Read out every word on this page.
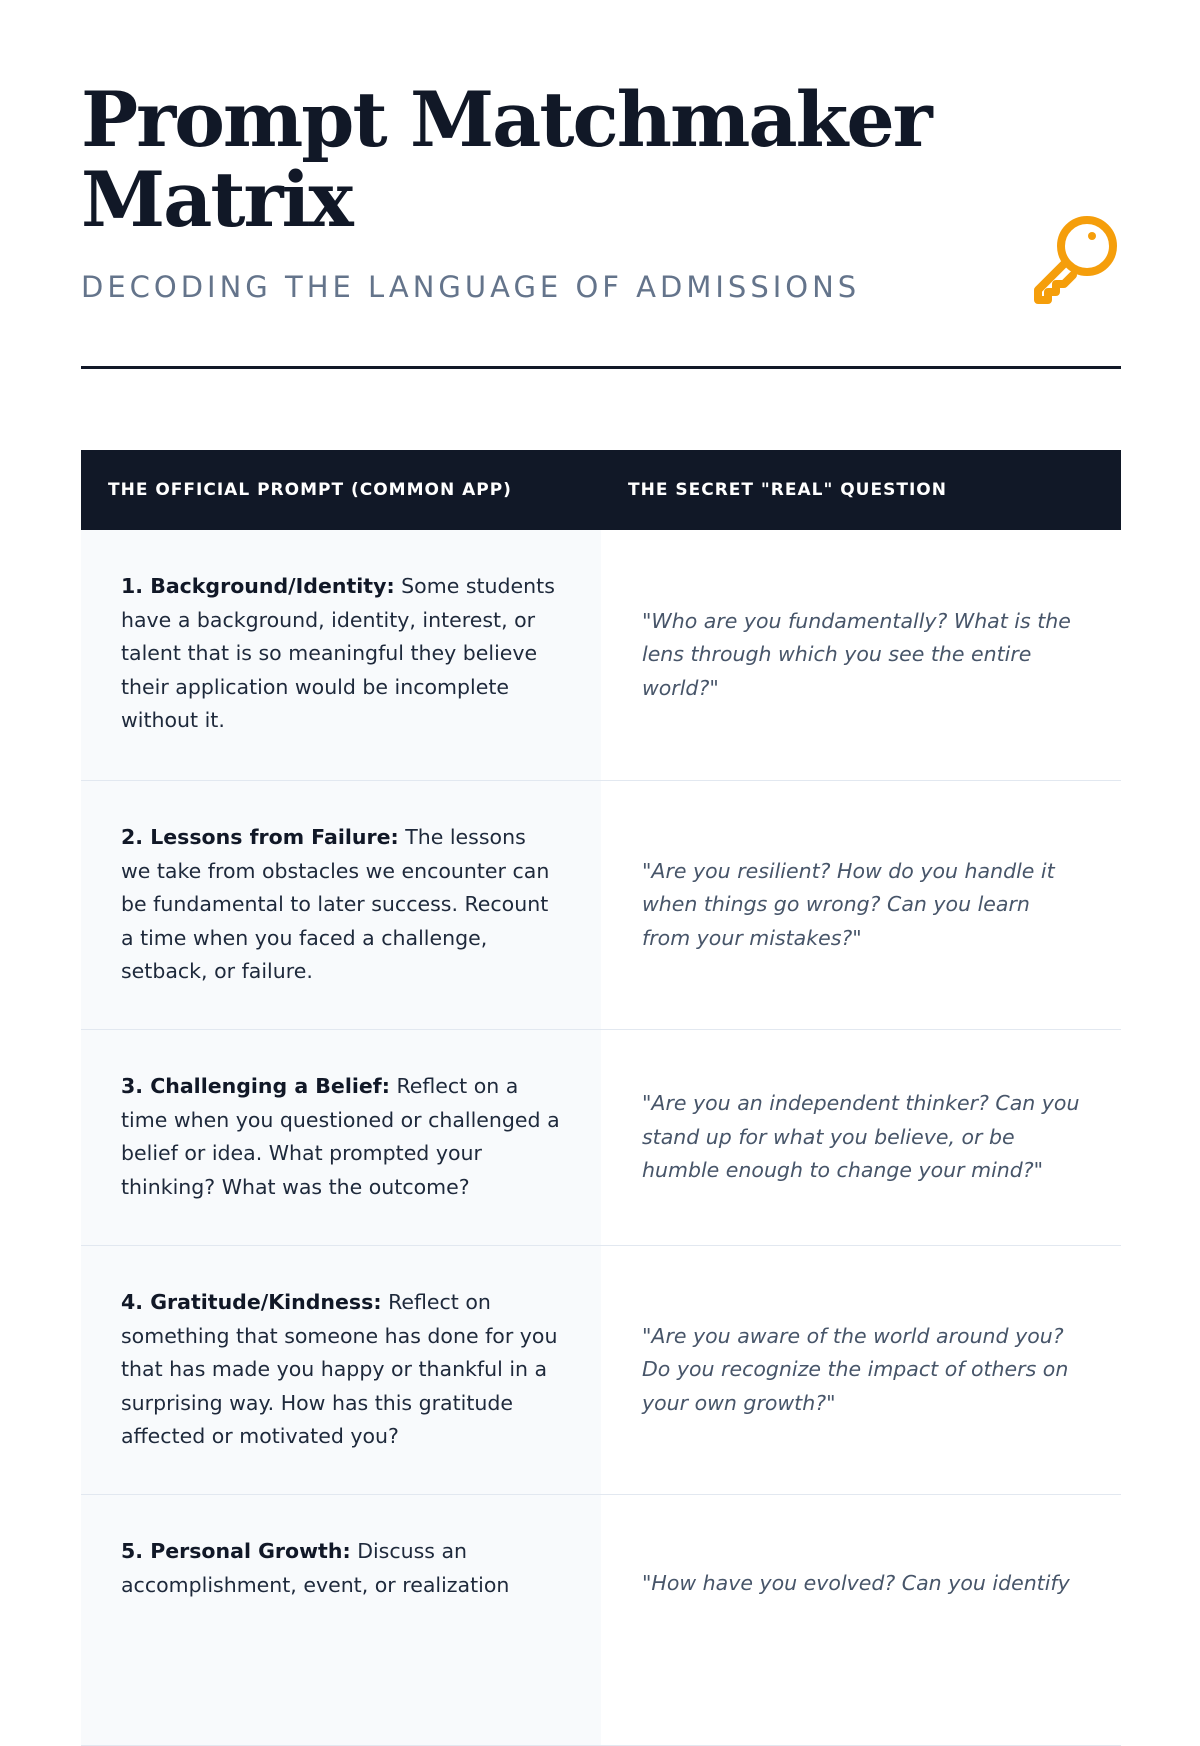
Prompt Matchmaker Matrix
DECODING THE LANGUAGE OF ADMISSIONS
THE OFFICIAL PROMPT (COMMON APP)	THE SECRET "REAL" QUESTION
1. Background/Identity: Some students have a background, identity, interest, or talent that is so meaningful they believe their application would be incomplete without it.
"Who are you fundamentally? What is the lens through which you see the entire world?"
2. Lessons from Failure: The lessons we take from obstacles we encounter can be fundamental to later success. Recount a time when you faced a challenge, setback, or failure.
"Are you resilient? How do you handle it when things go wrong? Can you learn from your mistakes?"
3. Challenging a Belief: Reflect on a time when you questioned or challenged a belief or idea. What prompted your thinking? What was the outcome?
"Are you an independent thinker? Can you stand up for what you believe, or be humble enough to change your mind?"
4. Gratitude/Kindness: Reflect on something that someone has done for you that has made you happy or thankful in a surprising way. How has this gratitude affected or motivated you?
"Are you aware of the world around you? Do you recognize the impact of others on your own growth?"
5. Personal Growth: Discuss an accomplishment, event, or realization	"How have you evolved? Can you identify
